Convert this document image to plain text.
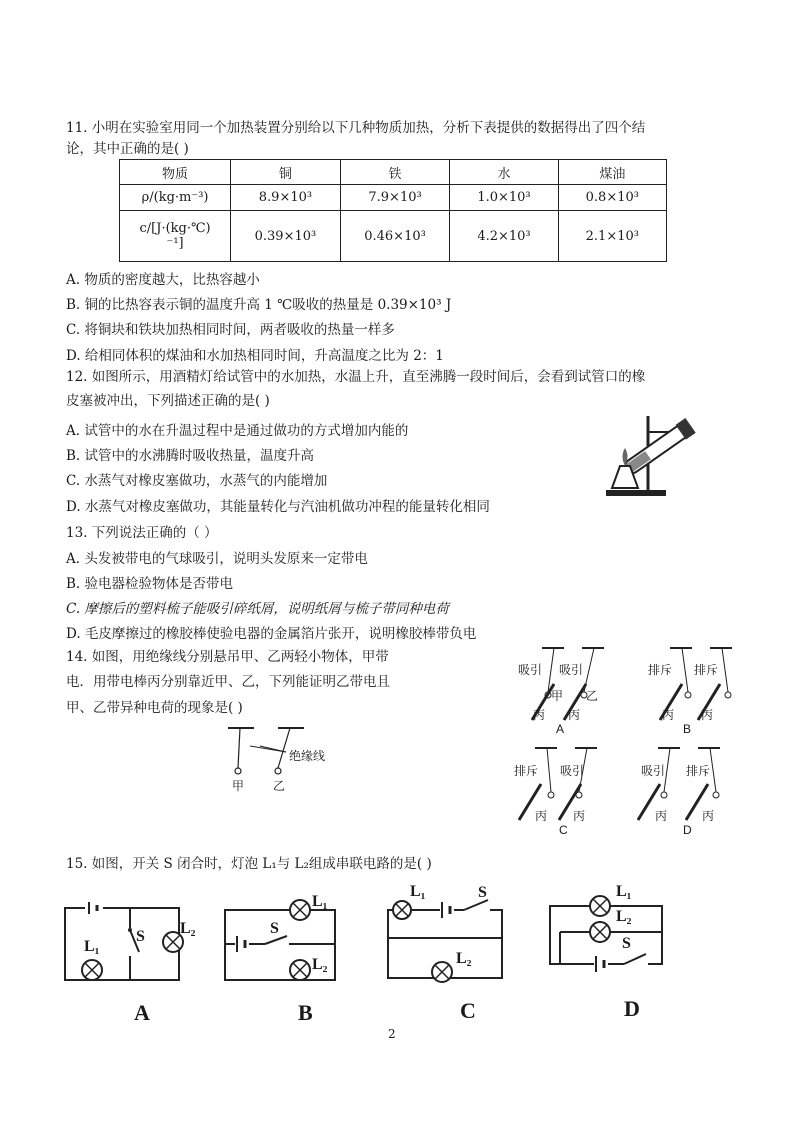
11. 小明在实验室用同一个加热装置分别给以下几种物质加热，分析下表提供的数据得出了四个结
论，其中正确的是( )
物质	铜	铁	水	煤油
ρ/(kg·m⁻³)	8.9×10³	7.9×10³	1.0×10³	0.8×10³

c/[J·(kg·℃)
⁻¹]	0.39×10³	0.46×10³	4.2×10³	2.1×10³
A. 物质的密度越大，比热容越小
B. 铜的比热容表示铜的温度升高 1 ℃吸收的热量是 0.39×10³ J
C. 将铜块和铁块加热相同时间，两者吸收的热量一样多
D. 给相同体积的煤油和水加热相同时间，升高温度之比为 2：1
12. 如图所示，用酒精灯给试管中的水加热，水温上升，直至沸腾一段时间后，会看到试管口的橡
皮塞被冲出，下列描述正确的是( )
A. 试管中的水在升温过程中是通过做功的方式增加内能的
B. 试管中的水沸腾时吸收热量，温度升高
C. 水蒸气对橡皮塞做功，水蒸气的内能增加
D. 水蒸气对橡皮塞做功，其能量转化与汽油机做功冲程的能量转化相同
13. 下列说法正确的（ ）
A. 头发被带电的气球吸引，说明头发原来一定带电
B. 验电器检验物体是否带电
C. 摩擦后的塑料梳子能吸引碎纸屑，说明纸屑与梳子带同种电荷
D. 毛皮摩擦过的橡胶棒使验电器的金属箔片张开，说明橡胶棒带负电
14. 如图，用绝缘线分别悬吊甲、乙两轻小物体，甲带
电．用带电棒丙分别靠近甲、乙，下列能证明乙带电且
甲、乙带异种电荷的现象是( )
绝缘线
甲 乙
吸引 吸引
甲 乙
丙 丙
A
排斥 排斥
丙 丙
B
排斥 吸引
丙 丙
C
吸引 排斥
丙	丙
D
15. 如图，开关 S 闭合时，灯泡 L₁与 L₂组成串联电路的是( )
L₁
S L₂
A
L₁
S
L₂
B
L₁	S
L₂
C
L₁
L₂
S
D
2
